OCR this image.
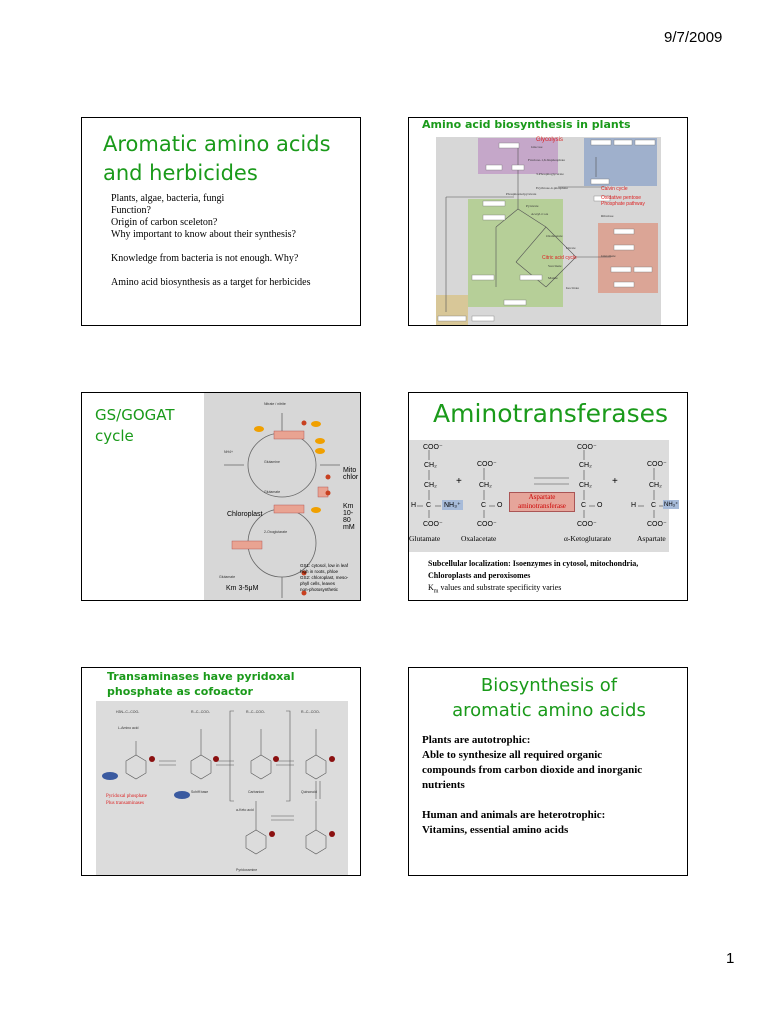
9/7/2009
Aromatic amino acids
and herbicides

Plants, algae, bacteria, fungi

Function?

Origin of carbon sceleton?

Why important to know about their synthesis?

Knowledge from bacteria is not enough. Why?

Amino acid biosynthesis as a target for herbicides

Amino acid biosynthesis in plants
Glucose
Fructose-1,6-bisphosphate
3-Phosphoglycerate
Erythrose-4-phosphate
Phosphoenolpyruvate
Pyruvate
Acetyl-CoA
Oxalacetate
Citrate
Succinate
Malate
Isocitrate
Ribulose
Glutamate
Glycolysis
Calvin cycle
Oxidative pentose
Phosphate pathway
Citric acid cycle
GS/GOGAT
cycle
Nitrate / nitrite
NH4+
Glutamine
Glutamate
2-Oxoglutarate
Glutamate
Chloroplast
Mito
chlor
Km
10-80
mM
Km 3-5μM
GS1: cytosol, low in leaf
high in roots, phloe
GS2: chloroplast, meso-
phyll cells, leaves
non-photosynthetic
Aminotransferases
COO⁻
CH₂
CH₂
H C NH₃⁺
COO⁻
+
COO⁻
CH₂
C O
COO⁻
Aspartate
aminotransferase
COO⁻
CH₂
CH₂
C O
COO⁻
+
COO⁻
CH₂
H C NH₃⁺
COO⁻
Glutamate	Oxalacetate	α-Ketoglutarate	Aspartate
Subcellular localization: Isoenzymes in cytosol, mitochondria,
Chloroplasts and peroxisomes
$K_m$ values and substrate specificity varies
Transaminases have pyridoxal
phosphate as cofoactor
H3N--C--COO-
L-Amino acid
R--C--COO-	R--C--COO-	R--C--COO-
Schiff base	Carbanion	Quinonoid
a-Keto acid
Pyridoxamine
Pyridoxal phosphate
Plus transaminases
Biosynthesis of
aromatic amino acids

Plants are autotrophic:

Able to synthesize all required organic

compounds from carbon dioxide and inorganic

nutrients

Human and animals are heterotrophic:

Vitamins, essential amino acids

1
